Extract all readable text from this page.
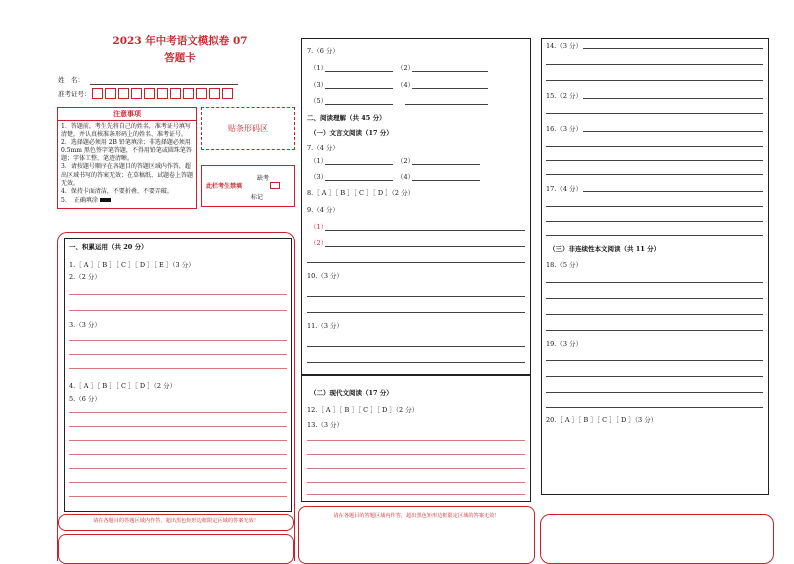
2023 年中考语文模拟卷 07
答题卡
姓　名：
准考证号：
注意事项
1．答题前，考生先将自己的姓名，准考证号填写清楚，并认真核准条形码上的姓名、准考证号。
2．选择题必须用 2B 铅笔填涂；非选择题必须用 0.5mm 黑色签字笔答题，不得用铅笔或圆珠笔答题；字体工整、笔迹清晰。
3．请按题号顺序在各题目的答题区域内作答，超出区域书写的答案无效；在草稿纸、试题卷上答题无效。
4．保持卡面清洁，不要折叠、不要弄破。
5．　正确填涂
贴条形码区
此栏考生禁填
缺考
标记
一、积累运用（共 20 分）
1.［ A ］［ B ］［ C ］［ D ］［ E ］（3 分）
2.（2 分）
3.（3 分）
4.［ A ］［ B ］［ C ］［ D ］（2 分）
5.（6 分）
请在各题目的答题区域内作答，超出黑色矩形边框限定区域的答案无效！
7.（6 分）
（1）	（2）
（3）	（4）
（5）
二、阅读理解（共 45 分）
（一）文言文阅读（17 分）
7.（4 分）
（1）	（2）
（3）	（4）
8.［ A ］［ B ］［ C ］［ D ］（2 分）
9.（4 分）
（1）
（2）
10.（3 分）
11.（3 分）
（二）现代文阅读（17 分）
12.［ A ］［ B ］［ C ］［ D ］（2 分）
13.（3 分）
请在各题目的答题区域内作答，超出黑色矩形边框限定区域的答案无效！
14.（3 分）
15.（2 分）
16.（3 分）
17.（4 分）
（三）非连续性本文阅读（共 11 分）
18.（5 分）
19.（3 分）
20.［ A ］［ B ］［ C ］［ D ］（3 分）
